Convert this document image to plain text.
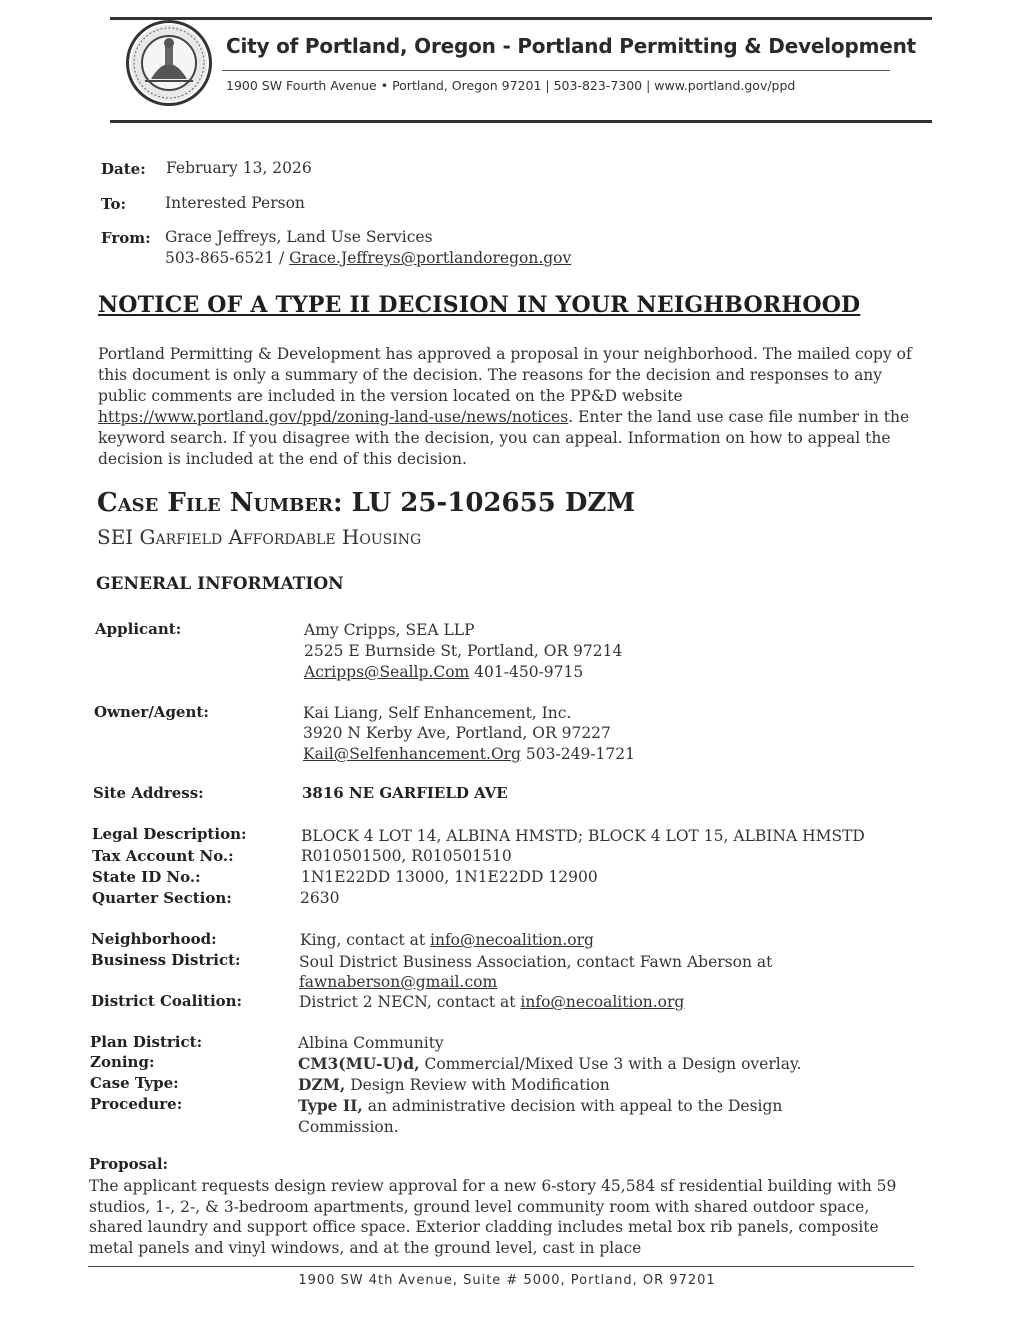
City of Portland, Oregon - Portland Permitting & Development
1900 SW Fourth Avenue • Portland, Oregon 97201 | 503-823-7300 | www.portland.gov/ppd
Date: February 13, 2026
To:	Interested Person
From: Grace Jeffreys, Land Use Services
503-865-6521 / Grace.Jeffreys@portlandoregon.gov
NOTICE OF A TYPE II DECISION IN YOUR NEIGHBORHOOD
Portland Permitting & Development has approved a proposal in your neighborhood. The mailed copy of this document is only a summary of the decision. The reasons for the decision and responses to any public comments are included in the version located on the PP&D website https://www.portland.gov/ppd/zoning-land-use/news/notices. Enter the land use case file number in the keyword search. If you disagree with the decision, you can appeal. Information on how to appeal the decision is included at the end of this decision.
Case File Number: LU 25-102655 DZM
SEI Garfield Affordable Housing
GENERAL INFORMATION
Applicant:	Amy Cripps, SEA LLP
2525 E Burnside St, Portland, OR 97214
Acripps@Seallp.Com 401-450-9715
Owner/Agent:	Kai Liang, Self Enhancement, Inc.
3920 N Kerby Ave, Portland, OR 97227
Kail@Selfenhancement.Org 503-249-1721
Site Address:	3816 NE GARFIELD AVE
Legal Description:	BLOCK 4 LOT 14, ALBINA HMSTD; BLOCK 4 LOT 15, ALBINA HMSTD
Tax Account No.:	R010501500, R010501510
State ID No.:	1N1E22DD 13000, 1N1E22DD 12900
Quarter Section:	2630
Neighborhood:	King, contact at info@necoalition.org
Business District:	Soul District Business Association, contact Fawn Aberson at
fawnaberson@gmail.com
District Coalition:	District 2 NECN, contact at info@necoalition.org
Plan District:	Albina Community
Zoning:	CM3(MU-U)d, Commercial/Mixed Use 3 with a Design overlay.
Case Type:	DZM, Design Review with Modification
Procedure:	Type II, an administrative decision with appeal to the Design Commission.
Proposal:
The applicant requests design review approval for a new 6-story 45,584 sf residential building with 59 studios, 1-, 2-, & 3-bedroom apartments, ground level community room with shared outdoor space, shared laundry and support office space. Exterior cladding includes metal box rib panels, composite metal panels and vinyl windows, and at the ground level, cast in place
1900 SW 4th Avenue, Suite # 5000, Portland, OR 97201
